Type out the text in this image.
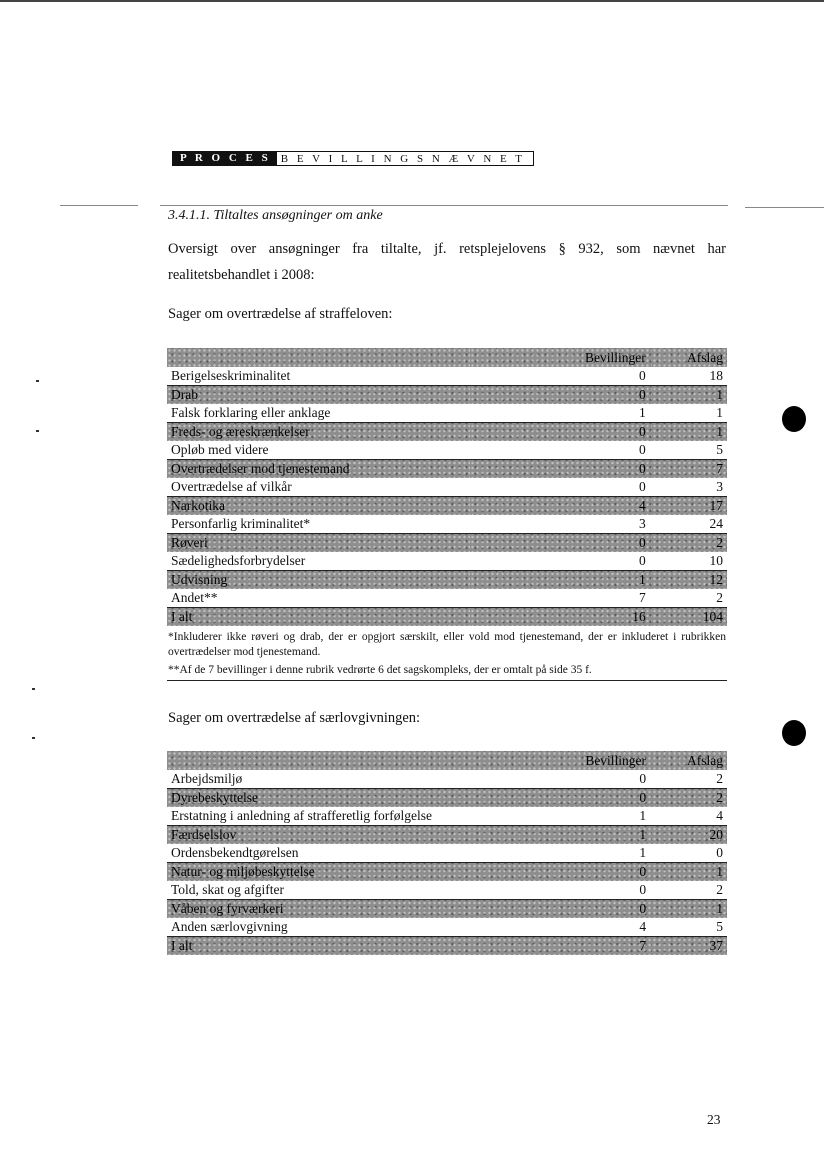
P R O C E S B E V I L L I N G S N Æ V N E T
3.4.1.1. Tiltaltes ansøgninger om anke
Oversigt over ansøgninger fra tiltalte, jf. retsplejelovens § 932, som nævnet har realitetsbehandlet i 2008:
Sager om overtrædelse af straffeloven:
	Bevillinger	Afslag
Berigelseskriminalitet	0	18
Drab	0	1
Falsk forklaring eller anklage	1	1
Freds- og æreskrænkelser	0	1
Opløb med videre	0	5
Overtrædelser mod tjenestemand	0	7
Overtrædelse af vilkår	0	3
Narkotika	4	17
Personfarlig kriminalitet*	3	24
Røveri	0	2
Sædelighedsforbrydelser	0	10
Udvisning	1	12
Andet**	7	2
I alt	16	104
*Inkluderer ikke røveri og drab, der er opgjort særskilt, eller vold mod tjenestemand, der er inkluderet i rubrikken overtrædelser mod tjenestemand.
**Af de 7 bevillinger i denne rubrik vedrørte 6 det sagskompleks, der er omtalt på side 35 f.
Sager om overtrædelse af særlovgivningen:
	Bevillinger	Afslag
Arbejdsmiljø	0	2
Dyrebeskyttelse	0	2
Erstatning i anledning af strafferetlig forfølgelse	1	4
Færdselslov	1	20
Ordensbekendtgørelsen	1	0
Natur- og miljøbeskyttelse	0	1
Told, skat og afgifter	0	2
Våben og fyrværkeri	0	1
Anden særlovgivning	4	5
I alt	7	37
23
